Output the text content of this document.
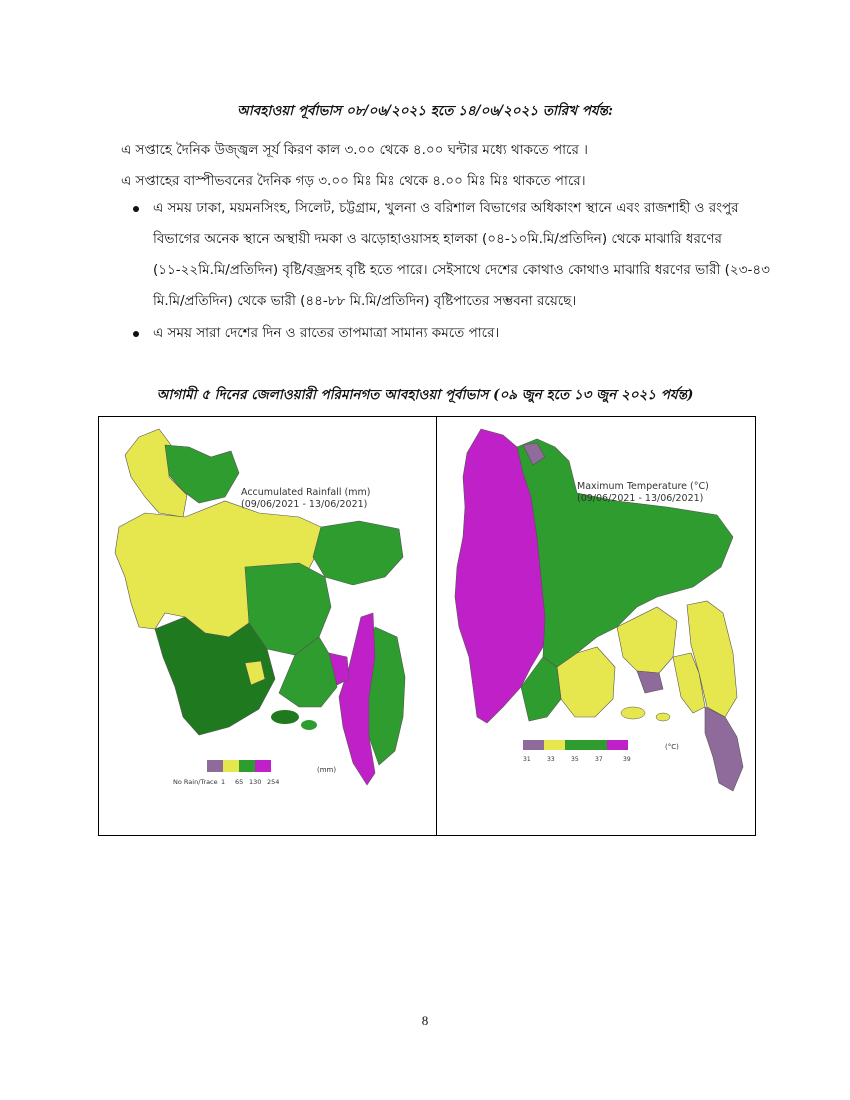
আবহাওয়া পূর্বাভাস ০৮/০৬/২০২১ হতে ১৪/০৬/২০২১ তারিখ পর্যন্ত:
এ সপ্তাহে দৈনিক উজ্জ্বল সূর্য কিরণ কাল ৩.০০ থেকে ৪.০০ ঘন্টার মধ্যে থাকতে পারে ।
এ সপ্তাহের বাস্পীভবনের দৈনিক গড় ৩.০০ মিঃ মিঃ থেকে ৪.০০ মিঃ মিঃ থাকতে পারে।
এ সময় ঢাকা, ময়মনসিংহ, সিলেট, চট্টগ্রাম, খুলনা ও বরিশাল বিভাগের অধিকাংশ স্থানে এবং রাজশাহী ও রংপুর বিভাগের অনেক স্থানে অস্থায়ী দমকা ও ঝড়োহাওয়াসহ হালকা (০৪-১০মি.মি/প্রতিদিন) থেকে মাঝারি ধরণের (১১-২২মি.মি/প্রতিদিন) বৃষ্টি/বজ্রসহ বৃষ্টি হতে পারে। সেইসাথে দেশের কোথাও কোথাও মাঝারি ধরণের ভারী (২৩-৪৩ মি.মি/প্রতিদিন) থেকে ভারী (৪৪-৮৮ মি.মি/প্রতিদিন) বৃষ্টিপাতের সম্ভবনা রয়েছে।
এ সময় সারা দেশের দিন ও রাতের তাপমাত্রা সামান্য কমতে পারে।
আগামী ৫ দিনের জেলাওয়ারী পরিমানগত আবহাওয়া পূর্বাভাস (০৯ জুন হতে ১৩ জুন ২০২১ পর্যন্ত)
Accumulated Rainfall (mm)
(09/06/2021 - 13/06/2021)
No Rain/Trace 1 65 130 254
(mm)
Maximum Temperature (°C)
(09/06/2021 - 13/06/2021)
31	33	35	37	39
(°C)
8
